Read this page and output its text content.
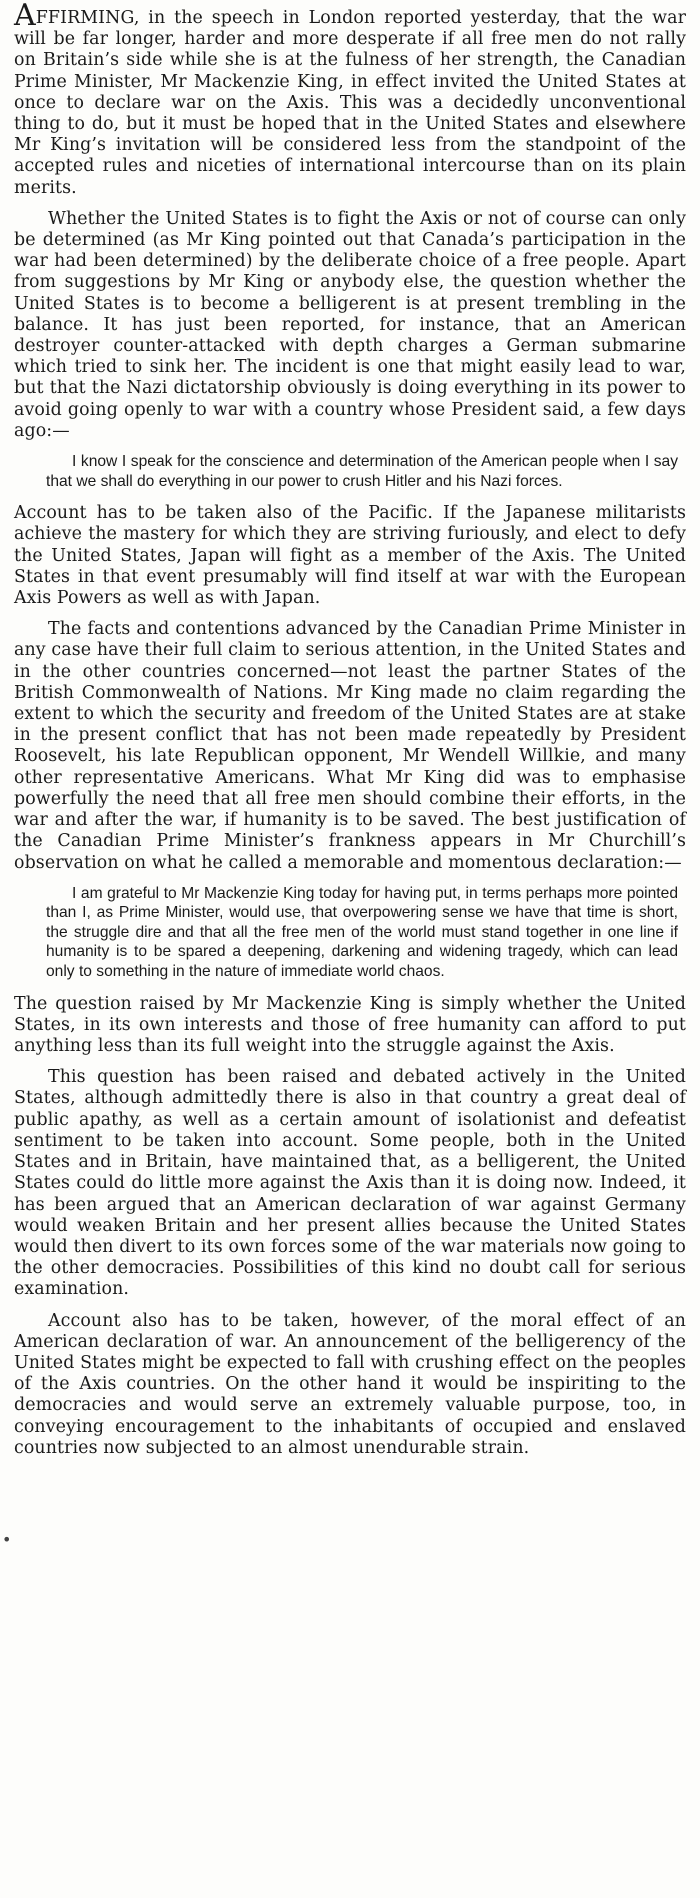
AFFIRMING, in the speech in London reported yesterday, that the war will be far longer, harder and more desperate if all free men do not rally on Britain’s side while she is at the fulness of her strength, the Canadian Prime Minister, Mr Mackenzie King, in effect invited the United States at once to declare war on the Axis. This was a decidedly unconventional thing to do, but it must be hoped that in the United States and elsewhere Mr King’s invitation will be considered less from the standpoint of the accepted rules and niceties of international intercourse than on its plain merits.

Whether the United States is to fight the Axis or not of course can only be determined (as Mr King pointed out that Canada’s participation in the war had been determined) by the deliberate choice of a free people. Apart from suggestions by Mr King or anybody else, the question whether the United States is to become a belligerent is at present trembling in the balance. It has just been reported, for instance, that an American destroyer counter-attacked with depth charges a German submarine which tried to sink her. The incident is one that might easily lead to war, but that the Nazi dictatorship obviously is doing everything in its power to avoid going openly to war with a country whose President said, a few days ago:—

I know I speak for the conscience and determination of the American people when I say that we shall do everything in our power to crush Hitler and his Nazi forces.

Account has to be taken also of the Pacific. If the Japanese militarists achieve the mastery for which they are striving furiously, and elect to defy the United States, Japan will fight as a member of the Axis. The United States in that event presumably will find itself at war with the European Axis Powers as well as with Japan.

The facts and contentions advanced by the Canadian Prime Minister in any case have their full claim to serious attention, in the United States and in the other countries concerned—not least the partner States of the British Commonwealth of Nations. Mr King made no claim regarding the extent to which the security and freedom of the United States are at stake in the present conflict that has not been made repeatedly by President Roosevelt, his late Republican opponent, Mr Wendell Willkie, and many other representative Americans. What Mr King did was to emphasise powerfully the need that all free men should combine their efforts, in the war and after the war, if humanity is to be saved. The best justification of the Canadian Prime Minister’s frankness appears in Mr Churchill’s observation on what he called a memorable and momentous declaration:—

I am grateful to Mr Mackenzie King today for having put, in terms perhaps more pointed than I, as Prime Minister, would use, that overpowering sense we have that time is short, the struggle dire and that all the free men of the world must stand together in one line if humanity is to be spared a deepening, darkening and widening tragedy, which can lead only to something in the nature of immediate world chaos.

The question raised by Mr Mackenzie King is simply whether the United States, in its own interests and those of free humanity can afford to put anything less than its full weight into the struggle against the Axis.

This question has been raised and debated actively in the United States, although admittedly there is also in that country a great deal of public apathy, as well as a certain amount of isolationist and defeatist sentiment to be taken into account. Some people, both in the United States and in Britain, have maintained that, as a belligerent, the United States could do little more against the Axis than it is doing now. Indeed, it has been argued that an American declaration of war against Germany would weaken Britain and her present allies because the United States would then divert to its own forces some of the war materials now going to the other democracies. Possibilities of this kind no doubt call for serious examination.

Account also has to be taken, however, of the moral effect of an American declaration of war. An announcement of the belligerency of the United States might be expected to fall with crushing effect on the peoples of the Axis countries. On the other hand it would be inspiriting to the democracies and would serve an extremely valuable purpose, too, in conveying encouragement to the inhabitants of occupied and enslaved countries now subjected to an almost unendurable strain.

•
